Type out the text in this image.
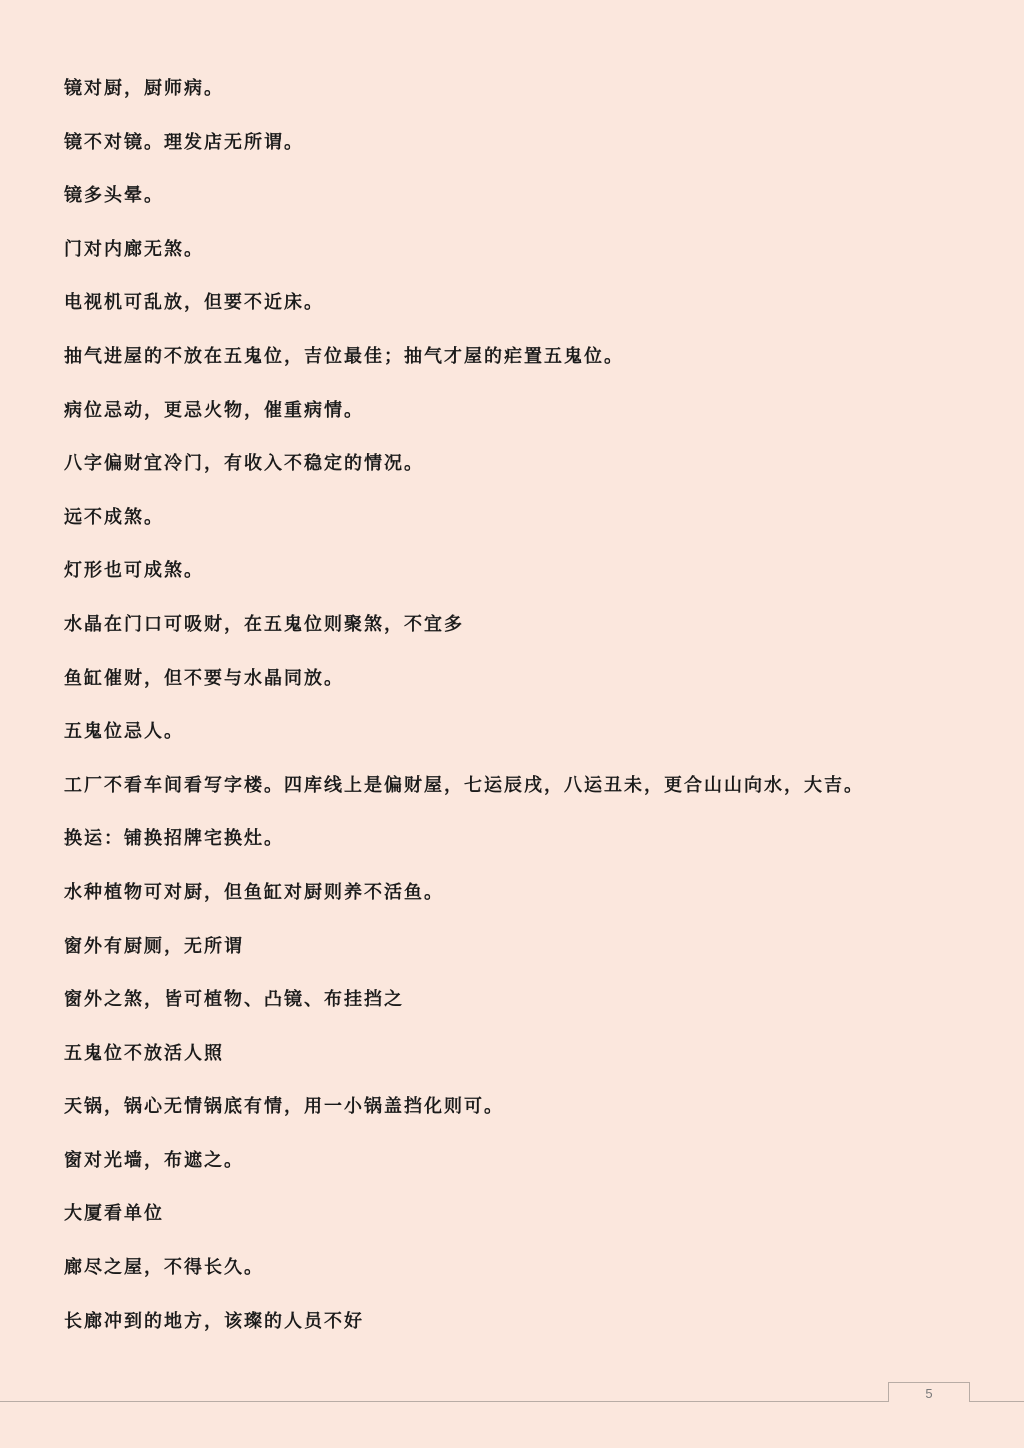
镜对厨，厨师病。
镜不对镜。理发店无所谓。
镜多头晕。
门对内廊无煞。
电视机可乱放，但要不近床。
抽气进屋的不放在五鬼位，吉位最佳；抽气才屋的疟置五鬼位。
病位忌动，更忌火物，催重病情。
八字偏财宜冷门，有收入不稳定的情况。
远不成煞。
灯形也可成煞。
水晶在门口可吸财，在五鬼位则聚煞，不宜多
鱼缸催财，但不要与水晶同放。
五鬼位忌人。
工厂不看车间看写字楼。四库线上是偏财屋，七运辰戌，八运丑未，更合山山向水，大吉。
换运：铺换招牌宅换灶。
水种植物可对厨，但鱼缸对厨则养不活鱼。
窗外有厨厕，无所谓
窗外之煞，皆可植物、凸镜、布挂挡之
五鬼位不放活人照
天锅，锅心无情锅底有情，用一小锅盖挡化则可。
窗对光墙，布遮之。
大厦看单位
廊尽之屋，不得长久。
长廊冲到的地方，该璨的人员不好
5
